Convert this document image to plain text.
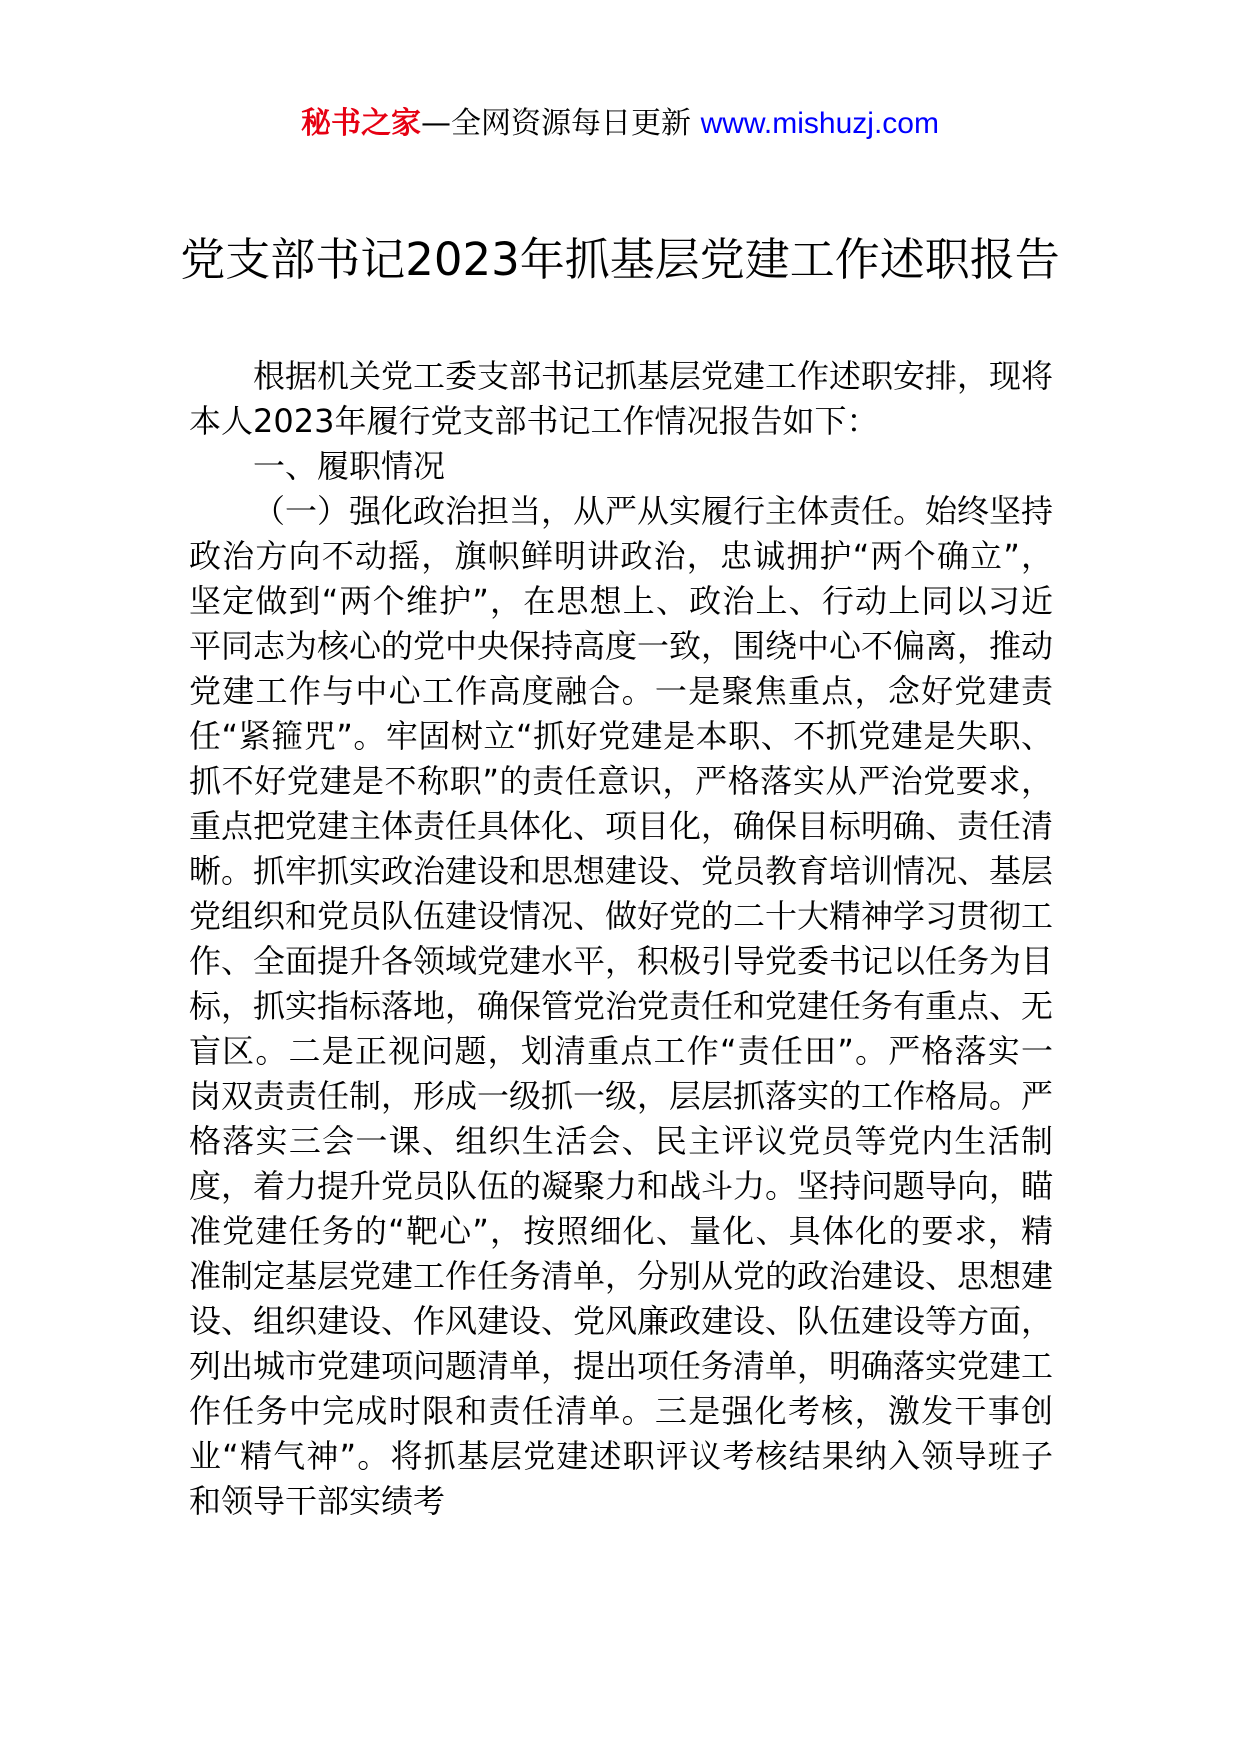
秘书之家—全网资源每日更新 www.mishuzj.com
党支部书记2023年抓基层党建工作述职报告

根据机关党工委支部书记抓基层党建工作述职安排，现将本人2023年履行党支部书记工作情况报告如下：

一、履职情况

（一）强化政治担当，从严从实履行主体责任。始终坚持政治方向不动摇，旗帜鲜明讲政治，忠诚拥护“两个确立”，坚定做到“两个维护”，在思想上、政治上、行动上同以习近平同志为核心的党中央保持高度一致，围绕中心不偏离，推动党建工作与中心工作高度融合。一是聚焦重点，念好党建责任“紧箍咒”。牢固树立“抓好党建是本职、不抓党建是失职、抓不好党建是不称职”的责任意识，严格落实从严治党要求，重点把党建主体责任具体化、项目化，确保目标明确、责任清晰。抓牢抓实政治建设和思想建设、党员教育培训情况、基层党组织和党员队伍建设情况、做好党的二十大精神学习贯彻工作、全面提升各领域党建水平，积极引导党委书记以任务为目标，抓实指标落地，确保管党治党责任和党建任务有重点、无盲区。二是正视问题，划清重点工作“责任田”。严格落实一岗双责责任制，形成一级抓一级，层层抓落实的工作格局。严格落实三会一课、组织生活会、民主评议党员等党内生活制度，着力提升党员队伍的凝聚力和战斗力。坚持问题导向，瞄准党建任务的“靶心”，按照细化、量化、具体化的要求，精准制定基层党建工作任务清单，分别从党的政治建设、思想建设、组织建设、作风建设、党风廉政建设、队伍建设等方面，列出城市党建项问题清单，提出项任务清单，明确落实党建工作任务中完成时限和责任清单。三是强化考核，激发干事创业“精气神”。将抓基层党建述职评议考核结果纳入领导班子和领导干部实绩考
